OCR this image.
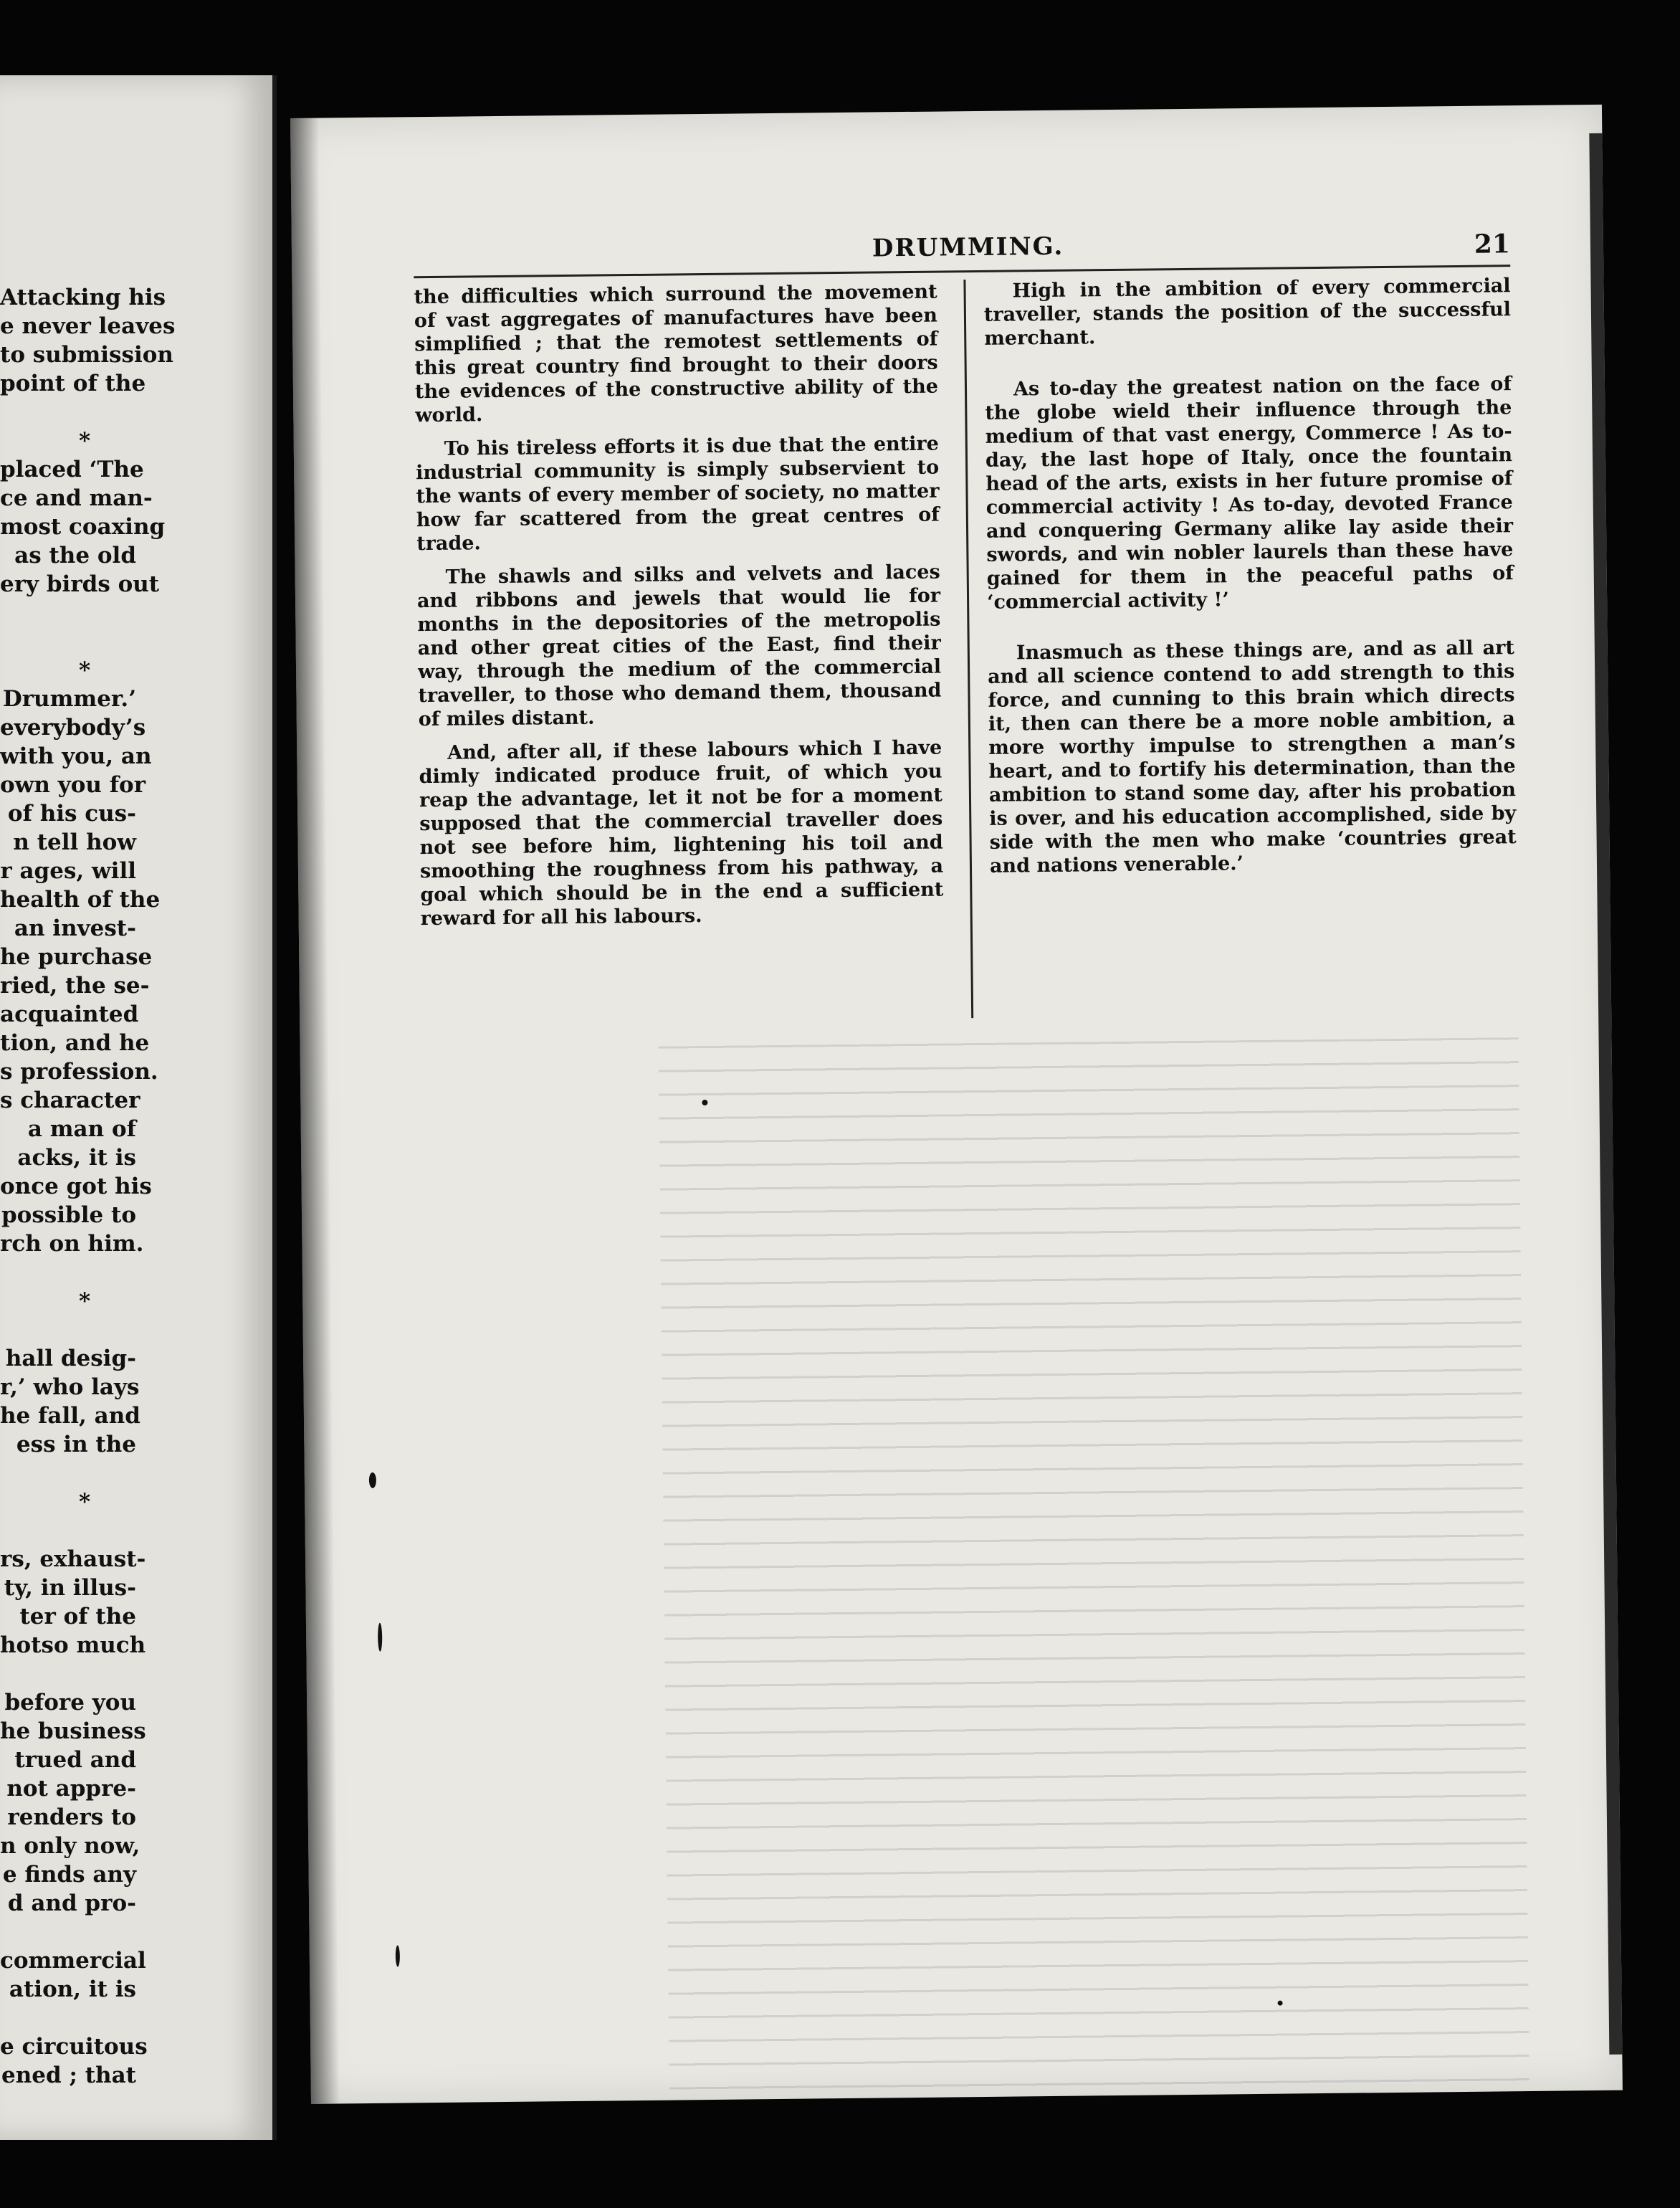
Attacking his
e never leaves
to submission
point of the
*
placed ‘The
ce and man-
most coaxing
as the old
ery birds out
*
Drummer.’
everybody’s
with you, an
own you for
of his cus-
n tell how
r ages, will
health of the
an invest-
he purchase
ried, the se-
acquainted
tion, and he
s profession.
s character
a man of
acks, it is
once got his
possible to
rch on him.
*
hall desig-
r,’ who lays
he fall, and
ess in the
*
rs, exhaust-
ty, in illus-
ter of the
hotso much
before you
he business
trued and
not appre-
renders to
n only now,
e finds any
d and pro-
commercial
ation, it is
e circuitous
ened ; that
DRUMMING.	21

the difficulties which surround the movement of vast aggregates of manufactures have been simplified ; that the remotest settlements of this great country find brought to their doors the evidences of the constructive ability of the world.

To his tireless efforts it is due that the entire industrial community is simply subservient to the wants of every member of society, no matter how far scattered from the great centres of trade.

The shawls and silks and velvets and laces and ribbons and jewels that would lie for months in the depositories of the metropolis and other great cities of the East, find their way, through the medium of the commercial traveller, to those who demand them, thousand of miles distant.

And, after all, if these labours which I have dimly indicated produce fruit, of which you reap the advantage, let it not be for a moment supposed that the commercial traveller does not see before him, lightening his toil and smoothing the roughness from his pathway, a goal which should be in the end a sufficient reward for all his labours.

High in the ambition of every commercial traveller, stands the position of the successful merchant.

As to-day the greatest nation on the face of the globe wield their influence through the medium of that vast energy, Commerce ! As to-day, the last hope of Italy, once the fountain head of the arts, exists in her future promise of commercial activity ! As to-day, devoted France and conquering Germany alike lay aside their swords, and win nobler laurels than these have gained for them in the peaceful paths of ‘commercial activity !’

Inasmuch as these things are, and as all art and all science contend to add strength to this force, and cunning to this brain which directs it, then can there be a more noble ambition, a more worthy impulse to strengthen a man’s heart, and to fortify his determination, than the ambition to stand some day, after his probation is over, and his education accomplished, side by side with the men who make ‘countries great and nations venerable.’
